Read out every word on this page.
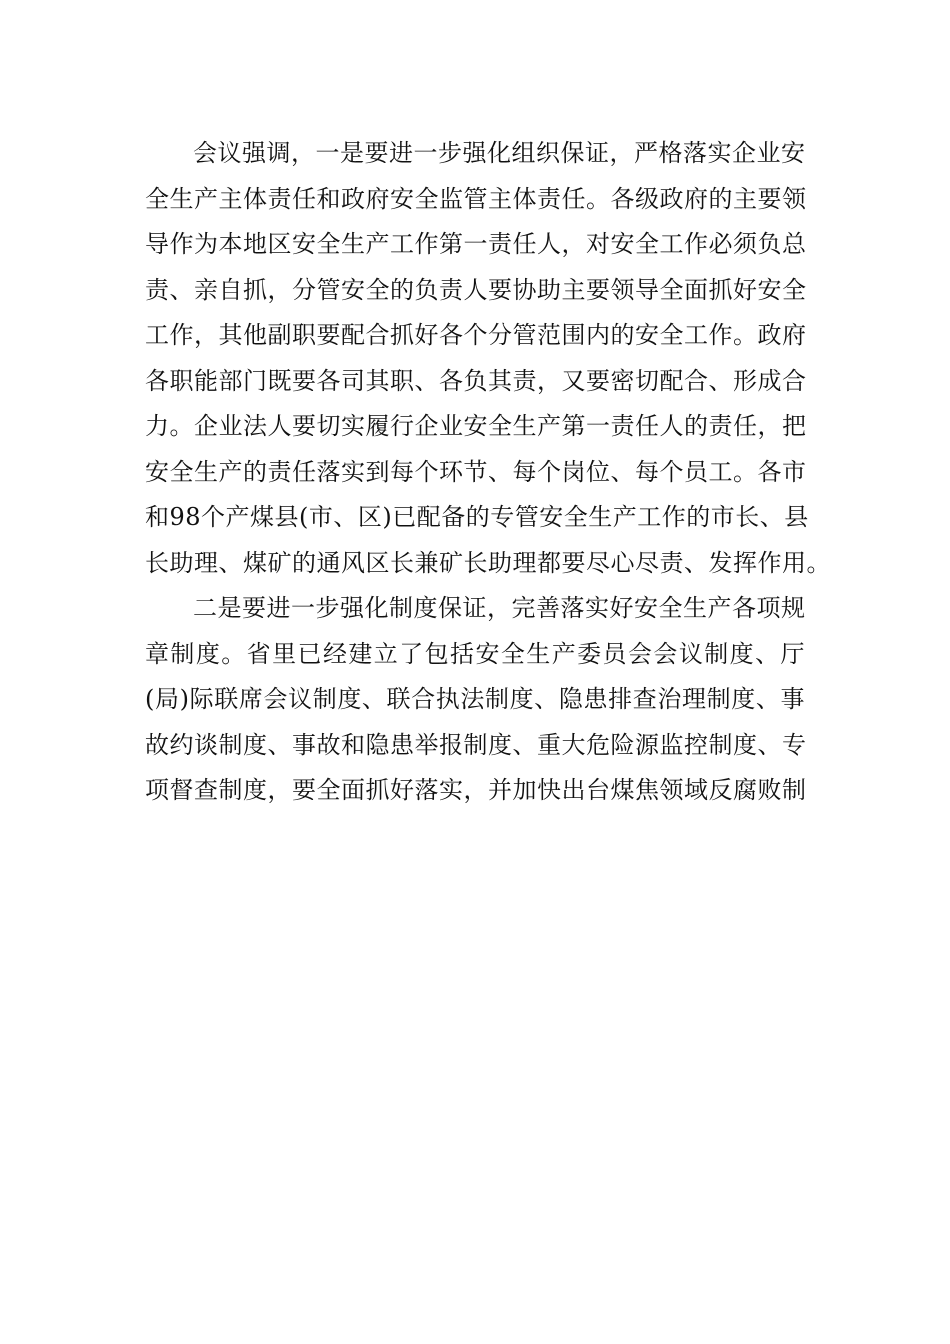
会议强调，一是要进一步强化组织保证，严格落实企业安
全生产主体责任和政府安全监管主体责任。各级政府的主要领
导作为本地区安全生产工作第一责任人，对安全工作必须负总
责、亲自抓，分管安全的负责人要协助主要领导全面抓好安全
工作，其他副职要配合抓好各个分管范围内的安全工作。政府
各职能部门既要各司其职、各负其责，又要密切配合、形成合
力。企业法人要切实履行企业安全生产第一责任人的责任，把
安全生产的责任落实到每个环节、每个岗位、每个员工。各市
和98个产煤县(市、区)已配备的专管安全生产工作的市长、县
长助理、煤矿的通风区长兼矿长助理都要尽心尽责、发挥作用。
二是要进一步强化制度保证，完善落实好安全生产各项规
章制度。省里已经建立了包括安全生产委员会会议制度、厅
(局)际联席会议制度、联合执法制度、隐患排查治理制度、事
故约谈制度、事故和隐患举报制度、重大危险源监控制度、专
项督查制度，要全面抓好落实，并加快出台煤焦领域反腐败制
